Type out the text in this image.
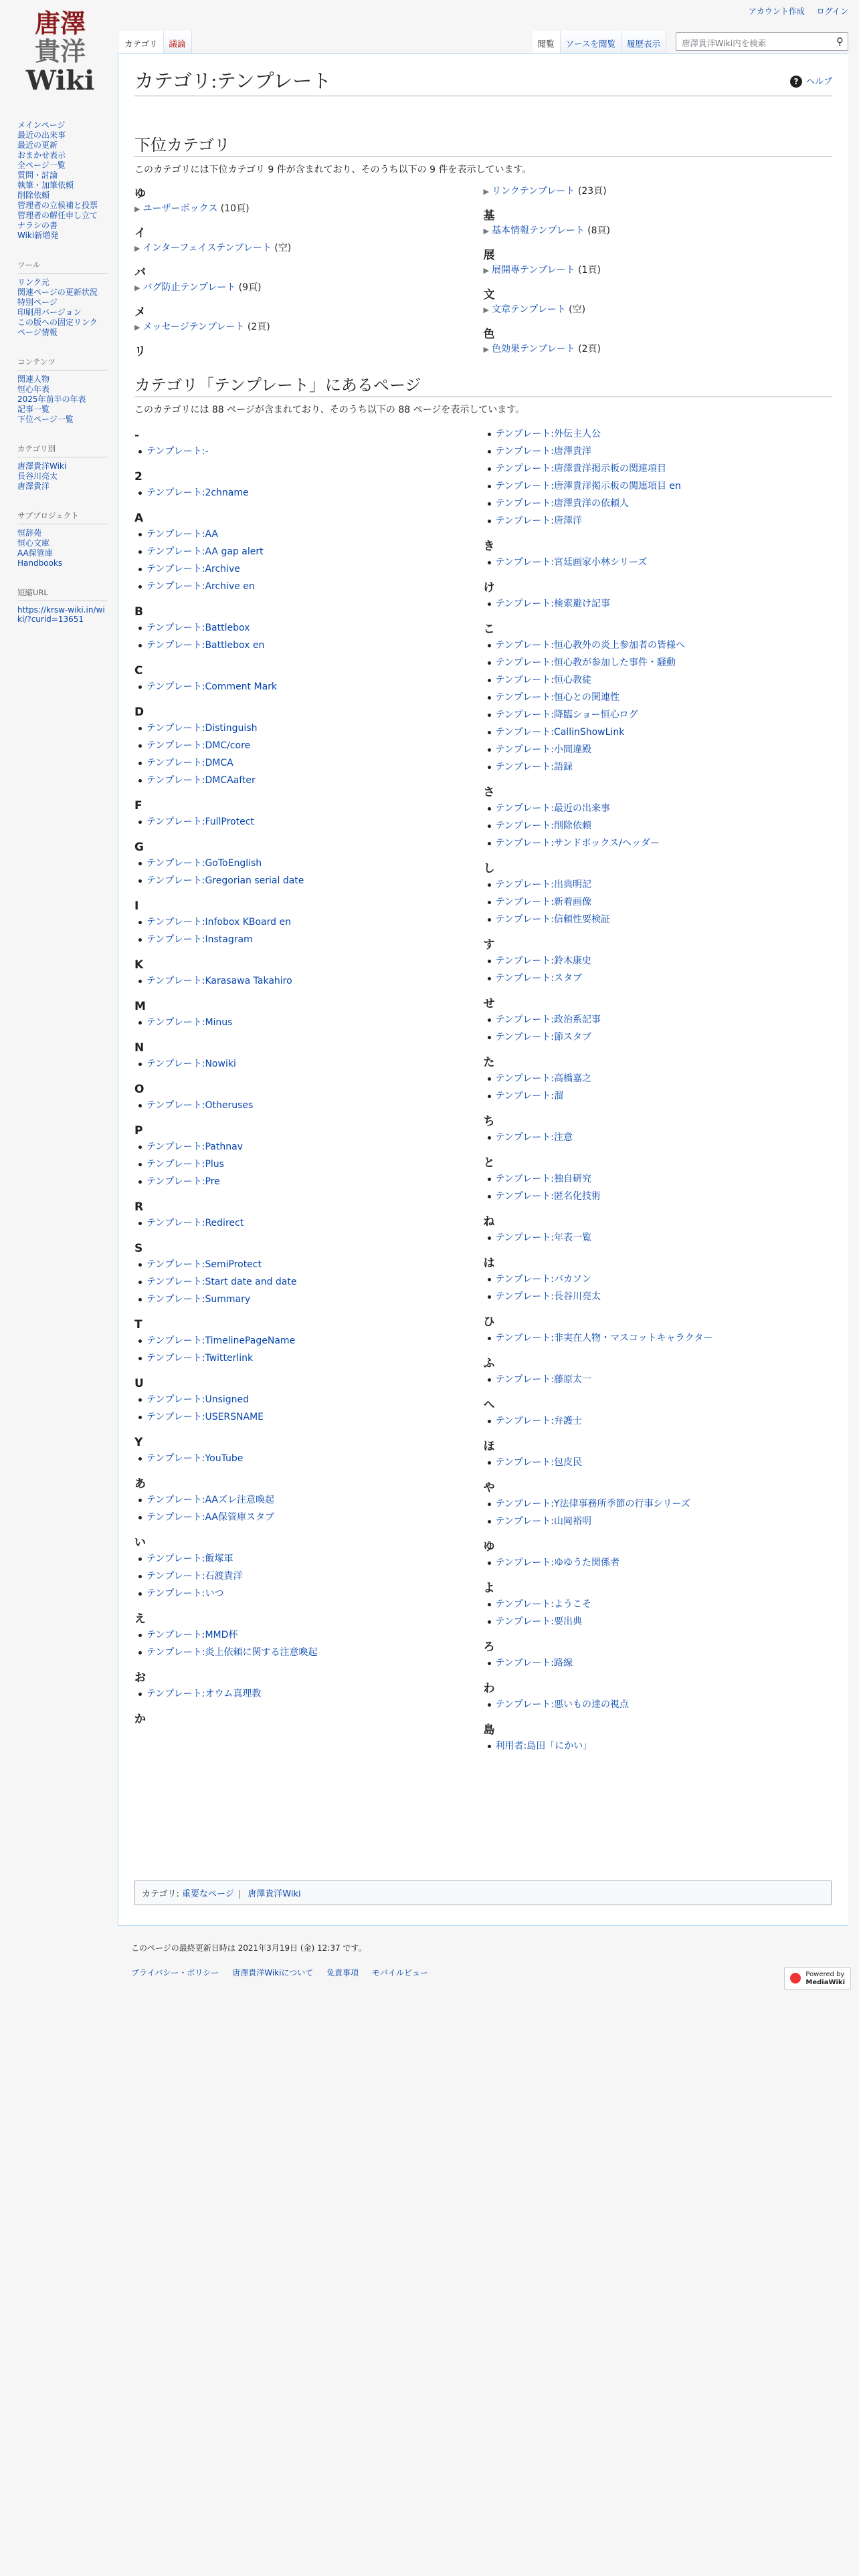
アカウント作成 ログイン
唐澤
貴洋
Wiki
メインページ
最近の出来事
最近の更新
おまかせ表示
全ページ一覧
質問・討論
執筆・加筆依頼
削除依頼
管理者の立候補と投票
管理者の解任申し立て
ナラシの書
Wiki新増発
ツール
リンク元
関連ページの更新状況
特別ページ
印刷用バージョン
この版への固定リンク
ページ情報
コンテンツ
関連人物
恒心年表
2025年前半の年表
記事一覧
下位ページ一覧
カテゴリ別
唐澤貴洋Wiki
長谷川亮太
唐澤貴洋
サブプロジェクト
恒辞苑
恒心文庫
AA保管庫
Handbooks
短縮URL
https://krsw-wiki.in/wiki/?curid=13651
カテゴリ	議論	閲覧	ソースを閲覧	履歴表示	唐澤貴洋Wiki内を検索	⚲
? ヘルプ
カテゴリ:テンプレート
下位カテゴリ

このカテゴリには下位カテゴリ 9 件が含まれており、そのうち以下の 9 件を表示しています。

ゆ
▶ ユーザーボックス (10頁)
イ
▶ インターフェイステンプレート (空)
バ
▶ バグ防止テンプレート (9頁)
メ
▶ メッセージテンプレート (2頁)
リ
▶ リンクテンプレート (23頁)
基
▶ 基本情報テンプレート (8頁)
展
▶ 展開専テンプレート (1頁)
文
▶ 文章テンプレート (空)
色
▶ 色効果テンプレート (2頁)
カテゴリ「テンプレート」にあるページ

このカテゴリには 88 ページが含まれており、そのうち以下の 88 ページを表示しています。

-
テンプレート:-
2
テンプレート:2chname
A
テンプレート:AA
テンプレート:AA gap alert
テンプレート:Archive
テンプレート:Archive en
B
テンプレート:Battlebox
テンプレート:Battlebox en
C
テンプレート:Comment Mark
D
テンプレート:Distinguish
テンプレート:DMC/core
テンプレート:DMCA
テンプレート:DMCAafter
F
テンプレート:FullProtect
G
テンプレート:GoToEnglish
テンプレート:Gregorian serial date
I
テンプレート:Infobox KBoard en
テンプレート:Instagram
K
テンプレート:Karasawa Takahiro
M
テンプレート:Minus
N
テンプレート:Nowiki
O
テンプレート:Otheruses
P
テンプレート:Pathnav
テンプレート:Plus
テンプレート:Pre
R
テンプレート:Redirect
S
テンプレート:SemiProtect
テンプレート:Start date and date
テンプレート:Summary
T
テンプレート:TimelinePageName
テンプレート:Twitterlink
U
テンプレート:Unsigned
テンプレート:USERSNAME
Y
テンプレート:YouTube
あ
テンプレート:AAズレ注意喚起
テンプレート:AA保管庫スタブ
い
テンプレート:飯塚軍
テンプレート:石渡貴洋
テンプレート:いつ
え
テンプレート:MMD杯
テンプレート:炎上依頼に関する注意喚起
お
テンプレート:オウム真理教
か
テンプレート:外伝主人公
テンプレート:唐澤貴洋
テンプレート:唐澤貴洋掲示板の関連項目
テンプレート:唐澤貴洋掲示板の関連項目 en
テンプレート:唐澤貴洋の依頼人
テンプレート:唐澤洋
き
テンプレート:宮廷画家小林シリーズ
け
テンプレート:検索避け記事
こ
テンプレート:恒心教外の炎上参加者の皆様へ
テンプレート:恒心教が参加した事件・騒動
テンプレート:恒心教徒
テンプレート:恒心との関連性
テンプレート:降臨ショー恒心ログ
テンプレート:CallinShowLink
テンプレート:小間違殿
テンプレート:語録
さ
テンプレート:最近の出来事
テンプレート:削除依頼
テンプレート:サンドボックス/ヘッダー
し
テンプレート:出典明記
テンプレート:新着画像
テンプレート:信頼性要検証
す
テンプレート:鈴木康史
テンプレート:スタブ
せ
テンプレート:政治系記事
テンプレート:節スタブ
た
テンプレート:高橋嘉之
テンプレート:溜
ち
テンプレート:注意
と
テンプレート:独自研究
テンプレート:匿名化技術
ね
テンプレート:年表一覧
は
テンプレート:バカソン
テンプレート:長谷川亮太
ひ
テンプレート:非実在人物・マスコットキャラクター
ふ
テンプレート:藤原太一
へ
テンプレート:弁護士
ほ
テンプレート:包皮民
や
テンプレート:Y法律事務所季節の行事シリーズ
テンプレート:山岡裕明
ゆ
テンプレート:ゆゆうた関係者
よ
テンプレート:ようこそ
テンプレート:要出典
ろ
テンプレート:路線
わ
テンプレート:悪いもの達の視点
島
利用者:島田「にかい」
カテゴリ: 重要なページ | 唐澤貴洋Wiki
このページの最終更新日時は 2021年3月19日 (金) 12:37 です。
プライバシー・ポリシー 唐澤貴洋Wikiについて 免責事項 モバイルビュー	Powered by
MediaWiki
